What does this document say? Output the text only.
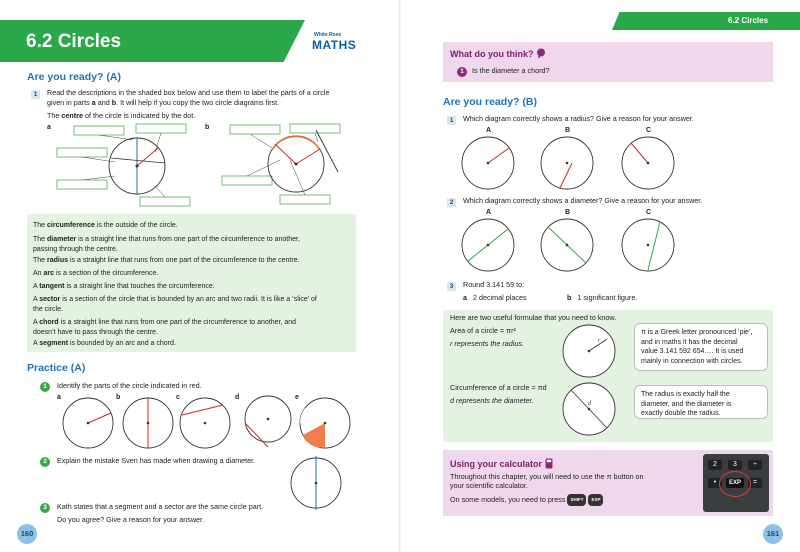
6.2 Circles	White Rose
MATHS
Are you ready? (A)
1	Read the descriptions in the shaded box below and use them to label the parts of a circle
given in parts a and b. It will help if you copy the two circle diagrams first.
The centre of the circle is indicated by the dot.
a	b

The circumference is the outside of the circle.

The diameter is a straight line that runs from one part of the circumference to another,

passing through the centre.

The radius is a straight line that runs from one part of the circumference to the centre.

An arc is a section of the circumference.

A tangent is a straight line that touches the circumference.

A sector is a section of the circle that is bounded by an arc and two radii. It is like a ‘slice’ of

the circle.

A chord is a straight line that runs from one part of the circumference to another, and

doesn’t have to pass through the centre.

A segment is bounded by an arc and a chord.

Practice (A)
1	Identify the parts of the circle indicated in red.
a	b	c	d	e
2	Explain the mistake Sven has made when drawing a diameter.
3	Kath states that a segment and a sector are the same circle part.
Do you agree? Give a reason for your answer.
160
6.2 Circles
What do you think?
1	Is the diameter a chord?
Are you ready? (B)
1	Which diagram correctly shows a radius? Give a reason for your answer.
A	B	C
2	Which diagram correctly shows a diameter? Give a reason for your answer.
A	B	C
3	Round 3.141 59 to:
a 2 decimal places	b 1 significant figure.
Here are two useful formulae that you need to know.
Area of a circle = πr²
r represents the radius.	r
π is a Greek letter pronounced ‘pie’,
and in maths it has the decimal
value 3.141 592 654…. It is used
mainly in connection with circles.
Circumference of a circle = πd
d represents the diameter.	d
The radius is exactly half the
diameter, and the diameter is
exactly double the radius.
Using your calculator
Throughout this chapter, you will need to use the π button on
your scientific calculator.
On some models, you need to press SHIFT EXP
2	3	÷
•	EXP	=
161
